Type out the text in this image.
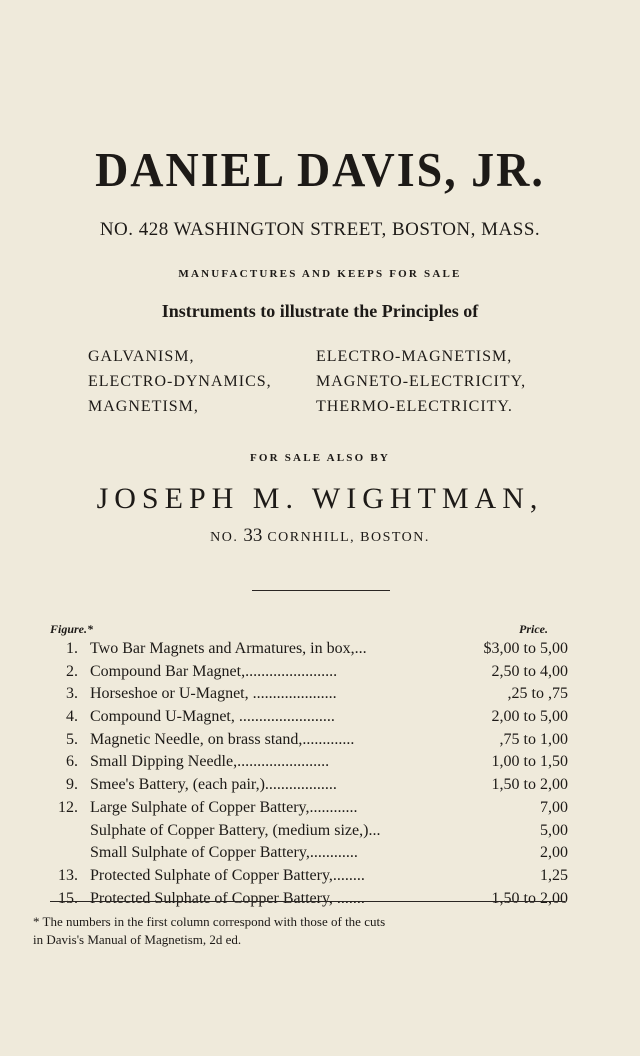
DANIEL DAVIS, JR.
NO. 428 WASHINGTON STREET, BOSTON, MASS.
MANUFACTURES AND KEEPS FOR SALE
Instruments to illustrate the Principles of
GALVANISM,
ELECTRO-DYNAMICS,
MAGNETISM,
ELECTRO-MAGNETISM,
MAGNETO-ELECTRICITY,
THERMO-ELECTRICITY.
FOR SALE ALSO BY
JOSEPH M. WIGHTMAN,
NO. 33 CORNHILL, BOSTON.
Figure.*	Price.
1. Two Bar Magnets and Armatures, in box,...	$3,00 to 5,00
2. Compound Bar Magnet,.......................	2,50 to 4,00
3. Horseshoe or U-Magnet, .....................	,25 to ,75
4. Compound U-Magnet, ........................	2,00 to 5,00
5. Magnetic Needle, on brass stand,.............	,75 to 1,00
6. Small Dipping Needle,.......................	1,00 to 1,50
9. Smee's Battery, (each pair,)..................	1,50 to 2,00
12. Large Sulphate of Copper Battery,............	7,00
Sulphate of Copper Battery, (medium size,)...	5,00
Small Sulphate of Copper Battery,............	2,00
13. Protected Sulphate of Copper Battery,........	1,25
15. Protected Sulphate of Copper Battery, .......	1,50 to 2,00
* The numbers in the first column correspond with those of the cuts
in Davis's Manual of Magnetism, 2d ed.
